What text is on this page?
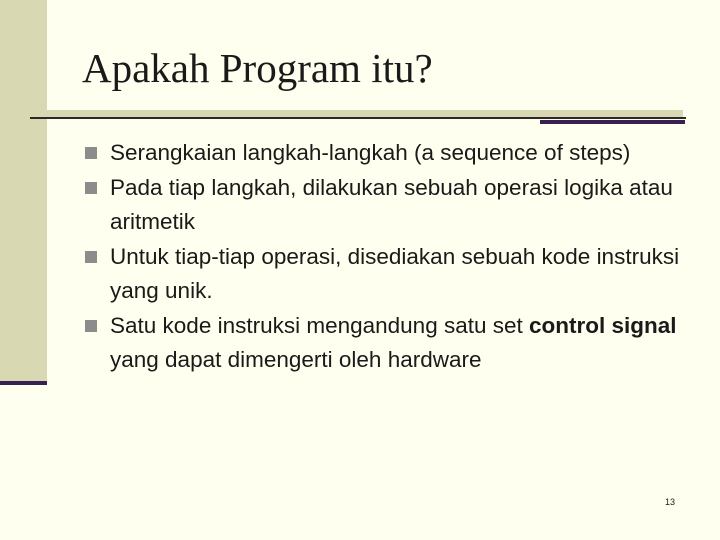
Apakah Program itu?
Serangkaian langkah-langkah (a sequence of steps)
Pada tiap langkah, dilakukan sebuah operasi logika atau aritmetik
Untuk tiap-tiap operasi, disediakan sebuah kode instruksi yang unik.
Satu kode instruksi mengandung satu set control signal yang dapat dimengerti oleh hardware
13
